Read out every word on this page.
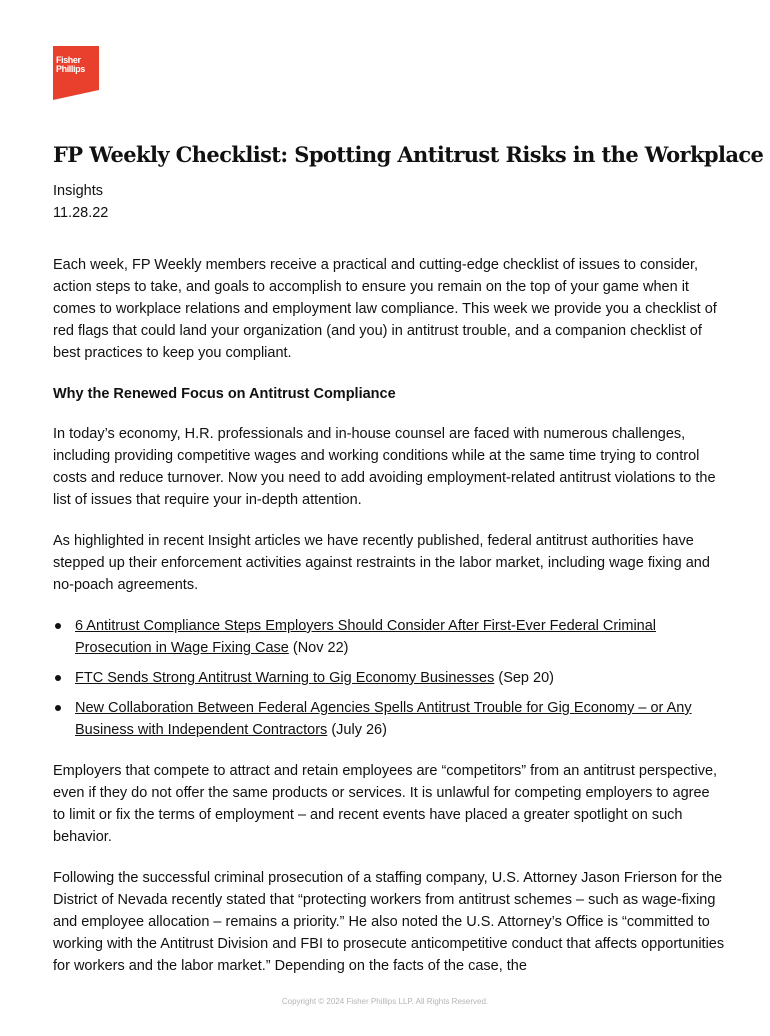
Fisher
Phillips
FP Weekly Checklist: Spotting Antitrust Risks in the Workplace
Insights
11.28.22

Each week, FP Weekly members receive a practical and cutting-edge checklist of issues to consider, action steps to take, and goals to accomplish to ensure you remain on the top of your game when it comes to workplace relations and employment law compliance. This week we provide you a checklist of red flags that could land your organization (and you) in antitrust trouble, and a companion checklist of best practices to keep you compliant.

Why the Renewed Focus on Antitrust Compliance

In today’s economy, H.R. professionals and in-house counsel are faced with numerous challenges, including providing competitive wages and working conditions while at the same time trying to control costs and reduce turnover. Now you need to add avoiding employment-related antitrust violations to the list of issues that require your in-depth attention.

As highlighted in recent Insight articles we have recently published, federal antitrust authorities have stepped up their enforcement activities against restraints in the labor market, including wage fixing and no-poach agreements.

6 Antitrust Compliance Steps Employers Should Consider After First-Ever Federal Criminal Prosecution in Wage Fixing Case (Nov 22)
FTC Sends Strong Antitrust Warning to Gig Economy Businesses (Sep 20)
New Collaboration Between Federal Agencies Spells Antitrust Trouble for Gig Economy – or Any Business with Independent Contractors (July 26)

Employers that compete to attract and retain employees are “competitors” from an antitrust perspective, even if they do not offer the same products or services. It is unlawful for competing employers to agree to limit or fix the terms of employment – and recent events have placed a greater spotlight on such behavior.

Following the successful criminal prosecution of a staffing company, U.S. Attorney Jason Frierson for the District of Nevada recently stated that “protecting workers from antitrust schemes – such as wage-fixing and employee allocation – remains a priority.” He also noted the U.S. Attorney’s Office is “committed to working with the Antitrust Division and FBI to prosecute anticompetitive conduct that affects opportunities for workers and the labor market.” Depending on the facts of the case, the

Copyright © 2024 Fisher Phillips LLP. All Rights Reserved.
